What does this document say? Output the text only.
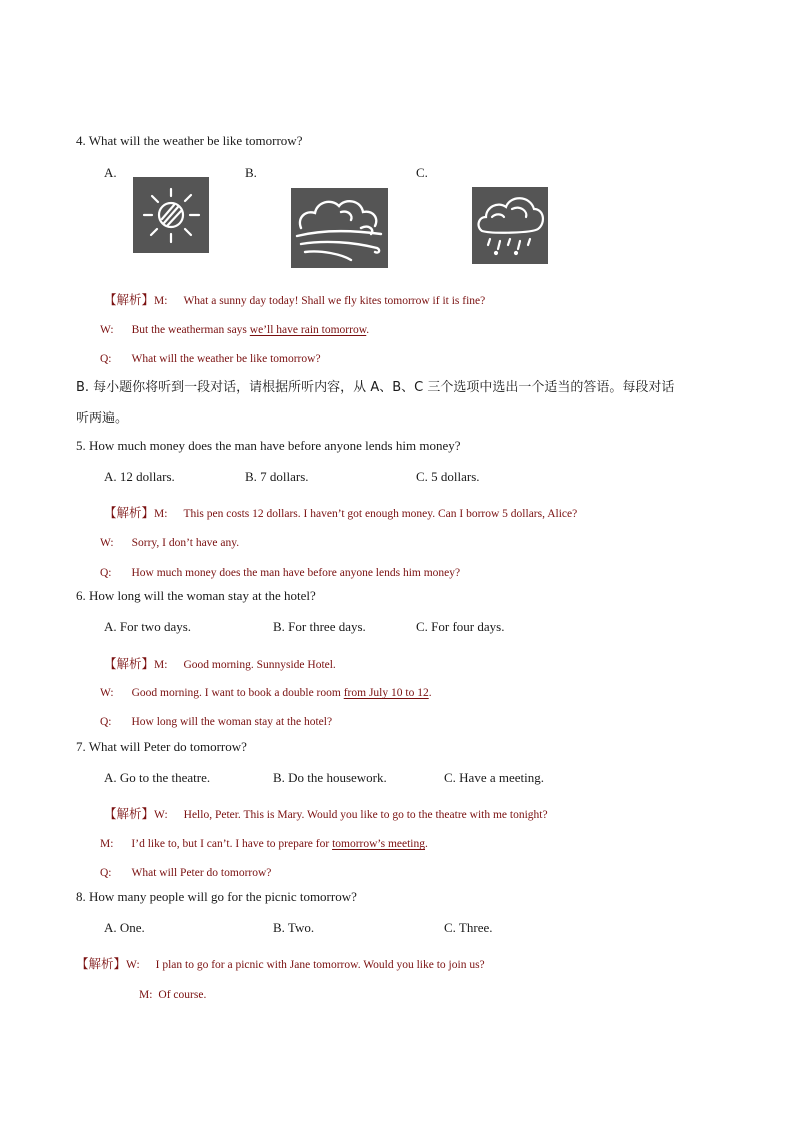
4. What will the weather be like tomorrow?
A.	B.	C.
【解析】M: What a sunny day today! Shall we fly kites tomorrow if it is fine?
W: But the weatherman says we’ll have rain tomorrow.
Q: What will the weather be like tomorrow?
B. 每小题你将听到一段对话，请根据所听内容，从 A、B、C 三个选项中选出一个适当的答语。每段对话
听两遍。
5. How much money does the man have before anyone lends him money?
A. 12 dollars.	B. 7 dollars.	C. 5 dollars.
【解析】M: This pen costs 12 dollars. I haven’t got enough money. Can I borrow 5 dollars, Alice?
W: Sorry, I don’t have any.
Q: How much money does the man have before anyone lends him money?
6. How long will the woman stay at the hotel?
A. For two days.	B. For three days.	C. For four days.
【解析】M: Good morning. Sunnyside Hotel.
W: Good morning. I want to book a double room from July 10 to 12.
Q: How long will the woman stay at the hotel?
7. What will Peter do tomorrow?
A. Go to the theatre.	B. Do the housework.	C. Have a meeting.
【解析】W: Hello, Peter. This is Mary. Would you like to go to the theatre with me tonight?
M: I’d like to, but I can’t. I have to prepare for tomorrow’s meeting.
Q: What will Peter do tomorrow?
8. How many people will go for the picnic tomorrow?
A. One.	B. Two.	C. Three.
【解析】W: I plan to go for a picnic with Jane tomorrow. Would you like to join us?
M: Of course.
